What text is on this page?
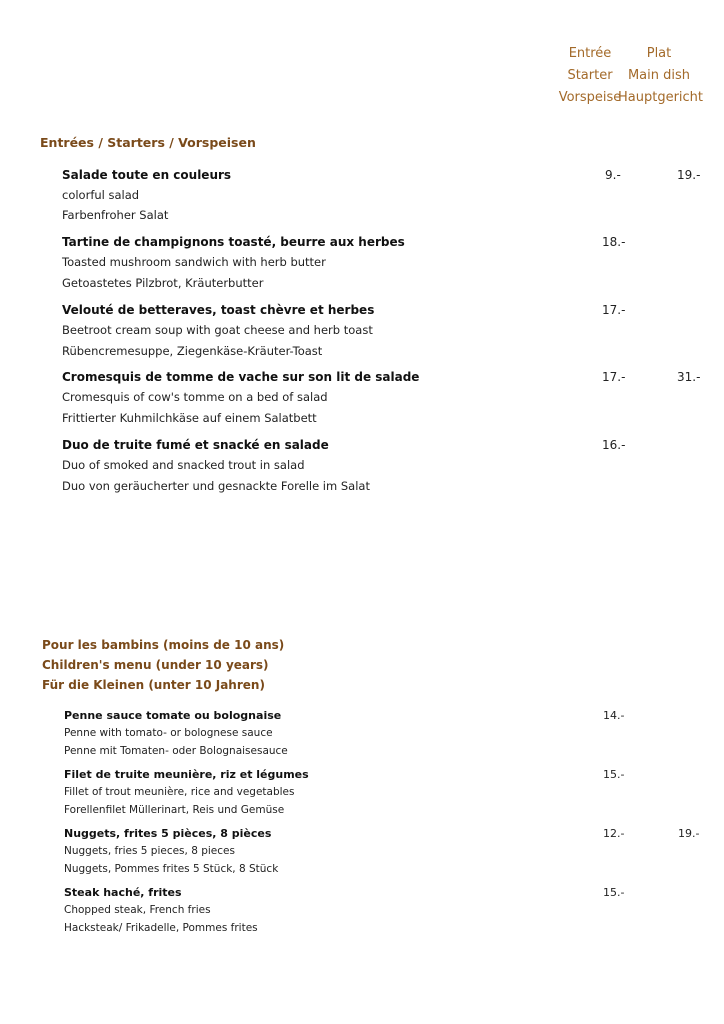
Entrée
Starter
Vorspeise
Plat
Main dish
Hauptgericht
Entrées / Starters / Vorspeisen
Salade toute en couleurs
colorful salad
Farbenfroher Salat
9.-	19.-
Tartine de champignons toasté, beurre aux herbes
Toasted mushroom sandwich with herb butter
Getoastetes Pilzbrot, Kräuterbutter
18.-
Velouté de betteraves, toast chèvre et herbes
Beetroot cream soup with goat cheese and herb toast
Rübencremesuppe, Ziegenkäse-Kräuter-Toast
17.-
Cromesquis de tomme de vache sur son lit de salade
Cromesquis of cow's tomme on a bed of salad
Frittierter Kuhmilchkäse auf einem Salatbett
17.-	31.-
Duo de truite fumé et snacké en salade
Duo of smoked and snacked trout in salad
Duo von geräucherter und gesnackte Forelle im Salat
16.-
Pour les bambins (moins de 10 ans)
Children's menu (under 10 years)
Für die Kleinen (unter 10 Jahren)
Penne sauce tomate ou bolognaise
Penne with tomato- or bolognese sauce
Penne mit Tomaten- oder Bolognaisesauce
14.-
Filet de truite meunière, riz et légumes
Fillet of trout meunière, rice and vegetables
Forellenfilet Müllerinart, Reis und Gemüse
15.-
Nuggets, frites 5 pièces, 8 pièces
Nuggets, fries 5 pieces, 8 pieces
Nuggets, Pommes frites 5 Stück, 8 Stück
12.-	19.-
Steak haché, frites
Chopped steak, French fries
Hacksteak/ Frikadelle, Pommes frites
15.-
